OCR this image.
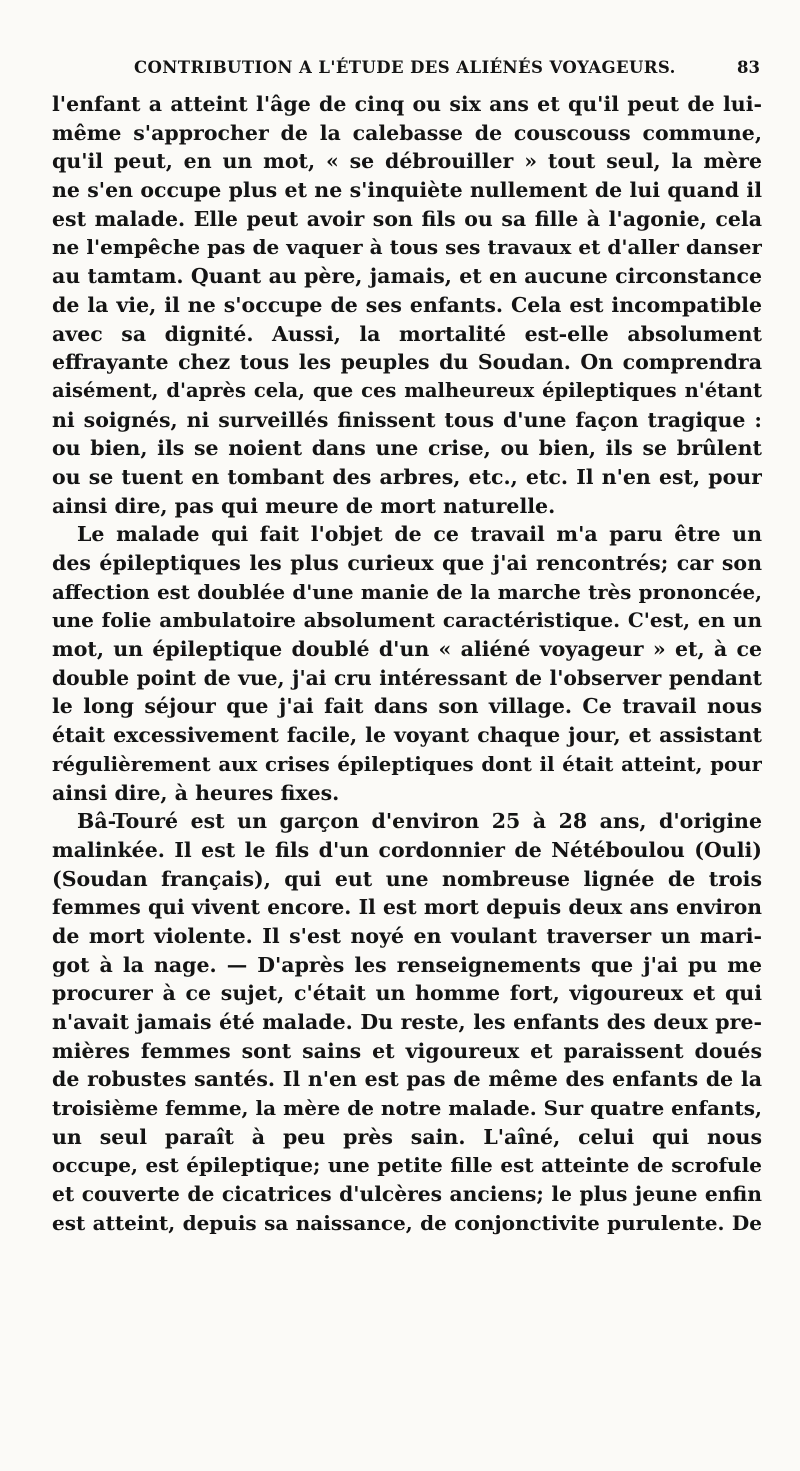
CONTRIBUTION A L'ÉTUDE DES ALIÉNÉS VOYAGEURS.	83
l'enfant a atteint l'âge de cinq ou six ans et qu'il peut de lui-
même s'approcher de la calebasse de couscouss commune,
qu'il peut, en un mot, « se débrouiller » tout seul, la mère
ne s'en occupe plus et ne s'inquiète nullement de lui quand il
est malade. Elle peut avoir son fils ou sa fille à l'agonie, cela
ne l'empêche pas de vaquer à tous ses travaux et d'aller danser
au tamtam. Quant au père, jamais, et en aucune circonstance
de la vie, il ne s'occupe de ses enfants. Cela est incompatible
avec sa dignité. Aussi, la mortalité est-elle absolument
effrayante chez tous les peuples du Soudan. On comprendra
aisément, d'après cela, que ces malheureux épileptiques n'étant
ni soignés, ni surveillés finissent tous d'une façon tragique :
ou bien, ils se noient dans une crise, ou bien, ils se brûlent
ou se tuent en tombant des arbres, etc., etc. Il n'en est, pour
ainsi dire, pas qui meure de mort naturelle.
Le malade qui fait l'objet de ce travail m'a paru être un
des épileptiques les plus curieux que j'ai rencontrés; car son
affection est doublée d'une manie de la marche très prononcée,
une folie ambulatoire absolument caractéristique. C'est, en un
mot, un épileptique doublé d'un « aliéné voyageur » et, à ce
double point de vue, j'ai cru intéressant de l'observer pendant
le long séjour que j'ai fait dans son village. Ce travail nous
était excessivement facile, le voyant chaque jour, et assistant
régulièrement aux crises épileptiques dont il était atteint, pour
ainsi dire, à heures fixes.
Bâ-Touré est un garçon d'environ 25 à 28 ans, d'origine
malinkée. Il est le fils d'un cordonnier de Nétéboulou (Ouli)
(Soudan français), qui eut une nombreuse lignée de trois
femmes qui vivent encore. Il est mort depuis deux ans environ
de mort violente. Il s'est noyé en voulant traverser un mari-
got à la nage. — D'après les renseignements que j'ai pu me
procurer à ce sujet, c'était un homme fort, vigoureux et qui
n'avait jamais été malade. Du reste, les enfants des deux pre-
mières femmes sont sains et vigoureux et paraissent doués
de robustes santés. Il n'en est pas de même des enfants de la
troisième femme, la mère de notre malade. Sur quatre enfants,
un seul paraît à peu près sain. L'aîné, celui qui nous
occupe, est épileptique; une petite fille est atteinte de scrofule
et couverte de cicatrices d'ulcères anciens; le plus jeune enfin
est atteint, depuis sa naissance, de conjonctivite purulente. De
